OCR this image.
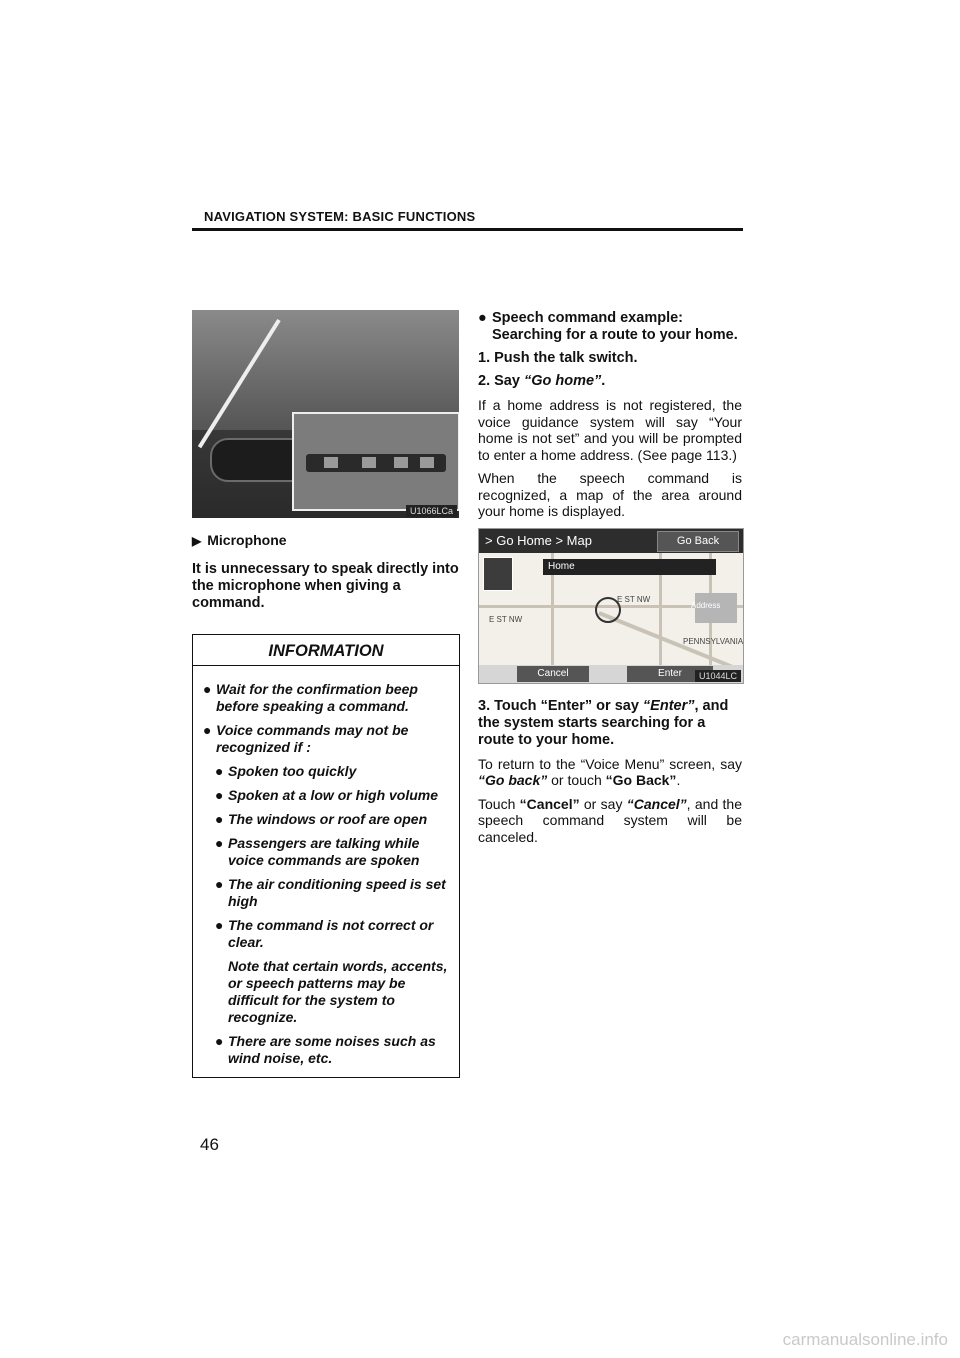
NAVIGATION SYSTEM: BASIC FUNCTIONS
U1066LCa
▶ Microphone
It is unnecessary to speak directly into the microphone when giving a command.
INFORMATION
● Wait for the confirmation beep before speaking a command.
● Voice commands may not be recognized if :
● Spoken too quickly
● Spoken at a low or high volume
● The windows or roof are open
● Passengers are talking while voice commands are spoken
● The air conditioning speed is set high
● The command is not correct or clear.
Note that certain words, accents, or speech patterns may be difficult for the system to recognize.
● There are some noises such as wind noise, etc.
● Speech command example: Searching for a route to your home.
1. Push the talk switch.
2. Say “Go home”.
If a home address is not registered, the voice guidance system will say “Your home is not set” and you will be prompted to enter a home address. (See page 113.)
When the speech command is recognized, a map of the area around your home is displayed.
> Go Home > Map	Go Back
Home
E ST NW
E ST NW
PENNSYLVANIA
Address
Cancel	Enter	U1044LC
3. Touch “Enter” or say “Enter”, and the system starts searching for a route to your home.
To return to the “Voice Menu” screen, say “Go back” or touch “Go Back”.
Touch “Cancel” or say “Cancel”, and the speech command system will be canceled.
46
carmanualsonline.info
